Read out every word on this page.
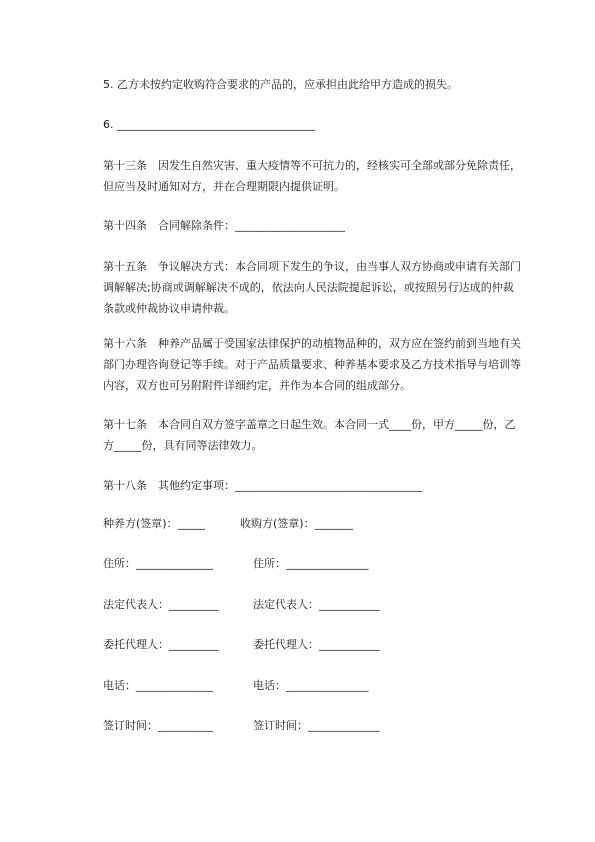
5. 乙方未按约定收购符合要求的产品的，应承担由此给甲方造成的损失。

6. ____________________________________

第十三条　因发生自然灾害、重大疫情等不可抗力的，经核实可全部或部分免除责任，但应当及时通知对方，并在合理期限内提供证明。

第十四条　合同解除条件：____________________

第十五条　争议解决方式：本合同项下发生的争议，由当事人双方协商或申请有关部门调解解决;协商或调解解决不成的，依法向人民法院提起诉讼，或按照另行达成的仲裁条款或仲裁协议申请仲裁。

第十六条　种养产品属于受国家法律保护的动植物品种的，双方应在签约前到当地有关部门办理咨询登记等手续。对于产品质量要求、种养基本要求及乙方技术指导与培训等内容，双方也可另附附件详细约定，并作为本合同的组成部分。

第十七条　本合同自双方签字盖章之日起生效。本合同一式____份，甲方_____份，乙方_____份，具有同等法律效力。

第十八条　其他约定事项：__________________________________

种养方(签章)：_____	收购方(签章)：_______
住所：______________	住所：_______________
法定代表人：_________	法定代表人：___________
委托代理人：_________	委托代理人：___________
电话：______________	电话：_______________
签订时间：__________	签订时间：_____________
